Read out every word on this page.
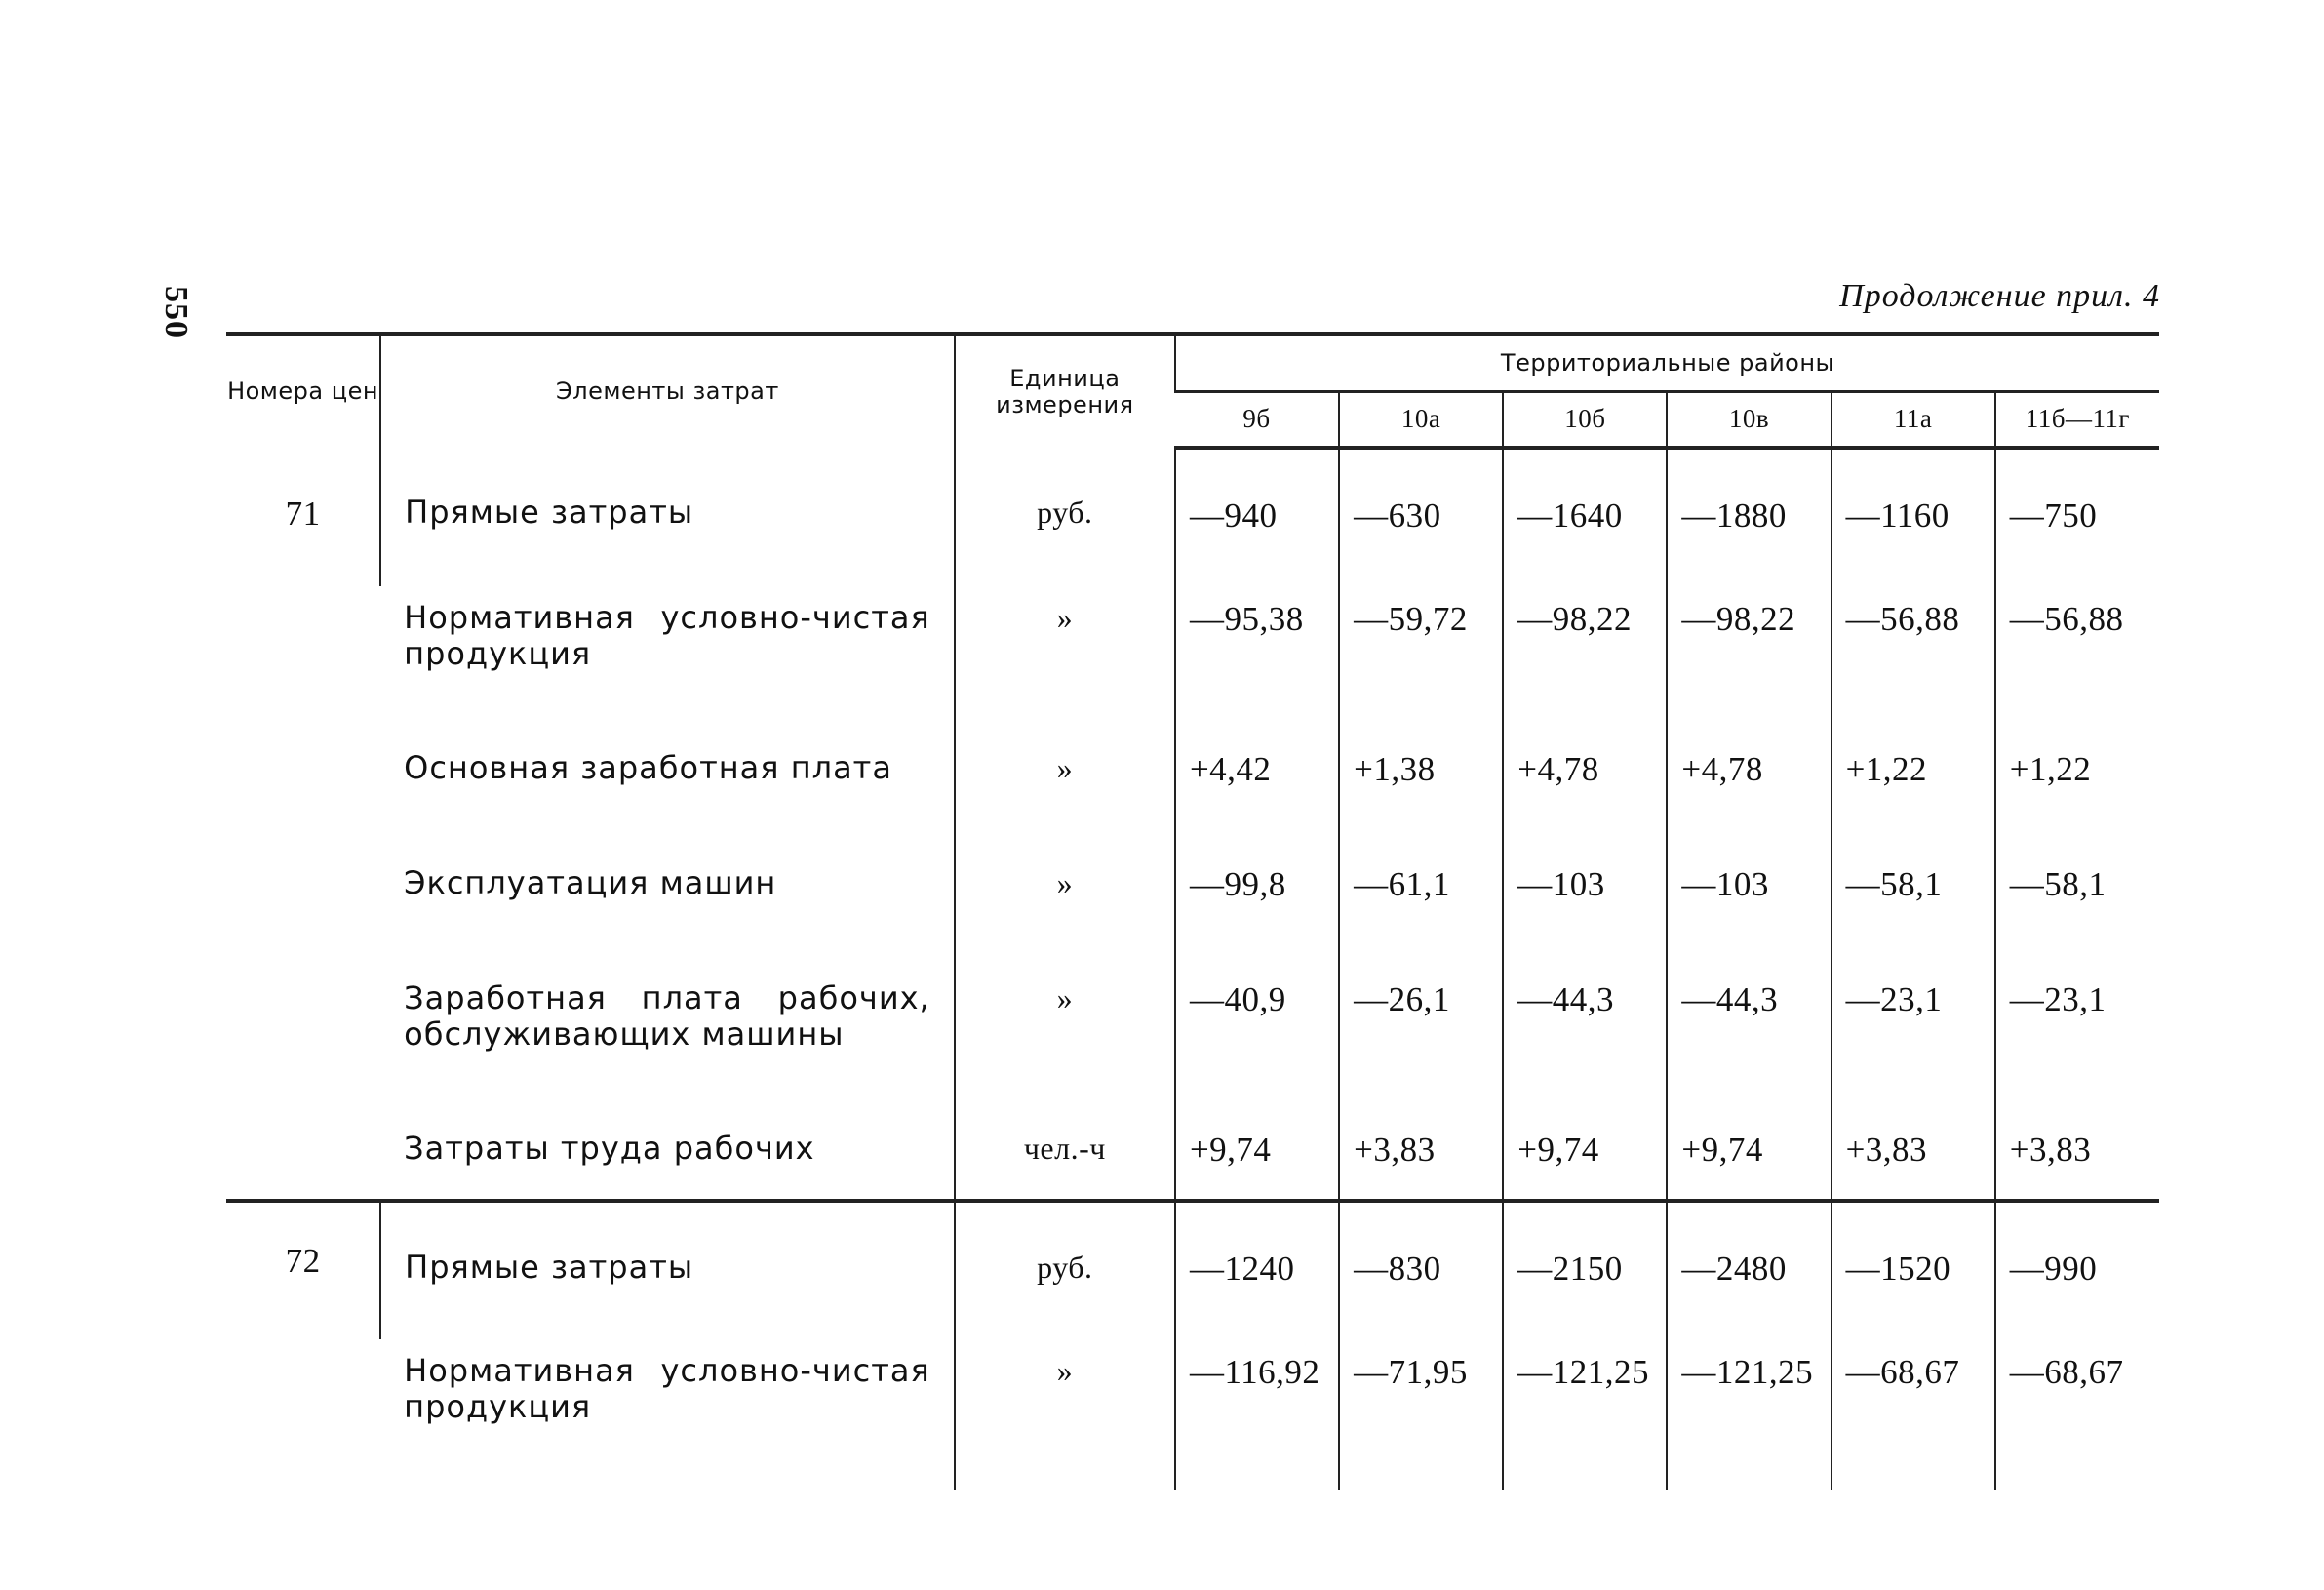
550	Продолжение прил. 4
Номера цен	Элементы затрат	Единица измерения	Территориальные районы					
			9б	10а	10б	10в	11а	11б—11г
71	Прямые затраты	руб.	—940	—630	—1640	—1880	—1160	—750
	Нормативная условно-чистая продукция	»	—95,38	—59,72	—98,22	—98,22	—56,88	—56,88
	Основная заработная плата	»	+4,42	+1,38	+4,78	+4,78	+1,22	+1,22
	Эксплуатация машин	»	—99,8	—61,1	—103	—103	—58,1	—58,1
	Заработная плата рабочих, обслуживающих машины	»	—40,9	—26,1	—44,3	—44,3	—23,1	—23,1
	Затраты труда рабочих	чел.-ч	+9,74	+3,83	+9,74	+9,74	+3,83	+3,83
72	Прямые затраты	руб.	—1240	—830	—2150	—2480	—1520	—990
	Нормативная условно-чистая продукция	»	—116,92	—71,95	—121,25	—121,25	—68,67	—68,67
